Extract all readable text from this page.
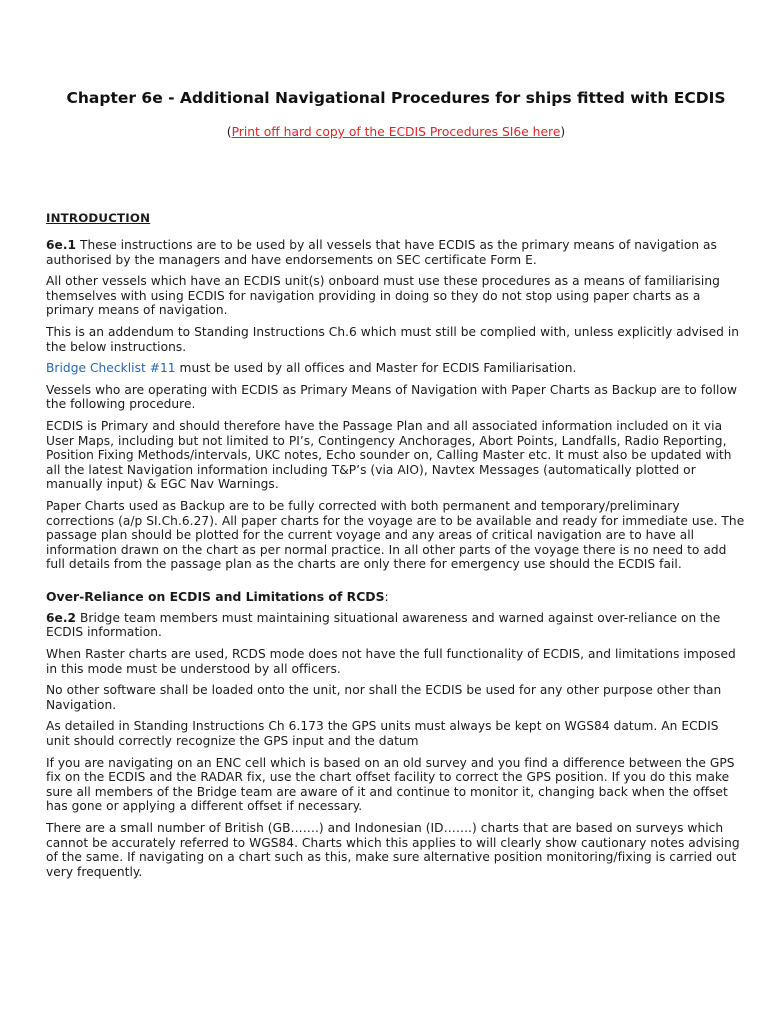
Chapter 6e - Additional Navigational Procedures for ships fitted with ECDIS
(Print off hard copy of the ECDIS Procedures SI6e here)
INTRODUCTION

6e.1 These instructions are to be used by all vessels that have ECDIS as the primary means of navigation as authorised by the managers and have endorsements on SEC certificate Form E.

All other vessels which have an ECDIS unit(s) onboard must use these procedures as a means of familiarising themselves with using ECDIS for navigation providing in doing so they do not stop using paper charts as a primary means of navigation.

This is an addendum to Standing Instructions Ch.6 which must still be complied with, unless explicitly advised in the below instructions.

Bridge Checklist #11 must be used by all offices and Master for ECDIS Familiarisation.

Vessels who are operating with ECDIS as Primary Means of Navigation with Paper Charts as Backup are to follow the following procedure.

ECDIS is Primary and should therefore have the Passage Plan and all associated information included on it via User Maps, including but not limited to PI’s, Contingency Anchorages, Abort Points, Landfalls, Radio Reporting, Position Fixing Methods/intervals, UKC notes, Echo sounder on, Calling Master etc. It must also be updated with all the latest Navigation information including T&P’s (via AIO), Navtex Messages (automatically plotted or manually input) & EGC Nav Warnings.

Paper Charts used as Backup are to be fully corrected with both permanent and temporary/preliminary corrections (a/p SI.Ch.6.27). All paper charts for the voyage are to be available and ready for immediate use. The passage plan should be plotted for the current voyage and any areas of critical navigation are to have all information drawn on the chart as per normal practice. In all other parts of the voyage there is no need to add full details from the passage plan as the charts are only there for emergency use should the ECDIS fail.

Over-Reliance on ECDIS and Limitations of RCDS:

6e.2 Bridge team members must maintaining situational awareness and warned against over-reliance on the ECDIS information.

When Raster charts are used, RCDS mode does not have the full functionality of ECDIS, and limitations imposed in this mode must be understood by all officers.

No other software shall be loaded onto the unit, nor shall the ECDIS be used for any other purpose other than Navigation.

As detailed in Standing Instructions Ch 6.173 the GPS units must always be kept on WGS84 datum. An ECDIS unit should correctly recognize the GPS input and the datum

If you are navigating on an ENC cell which is based on an old survey and you find a difference between the GPS fix on the ECDIS and the RADAR fix, use the chart offset facility to correct the GPS position. If you do this make sure all members of the Bridge team are aware of it and continue to monitor it, changing back when the offset has gone or applying a different offset if necessary.

There are a small number of British (GB…….) and Indonesian (ID…….) charts that are based on surveys which cannot be accurately referred to WGS84. Charts which this applies to will clearly show cautionary notes advising of the same. If navigating on a chart such as this, make sure alternative position monitoring/fixing is carried out very frequently.
